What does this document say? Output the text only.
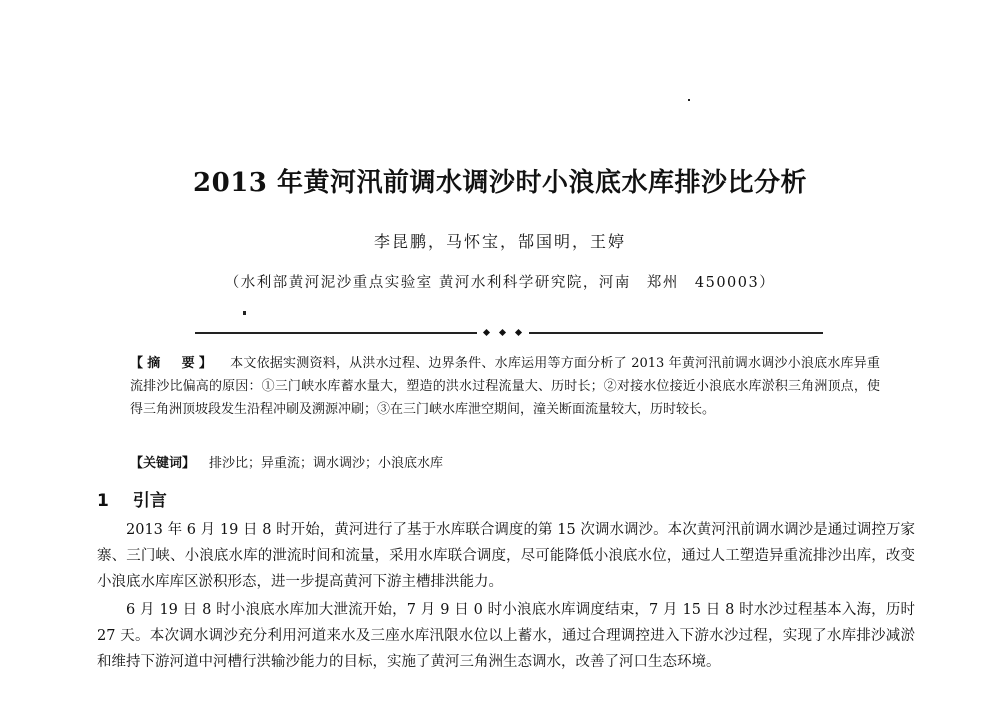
2013 年黄河汛前调水调沙时小浪底水库排沙比分析
李昆鹏，马怀宝，郜国明，王婷
（水利部黄河泥沙重点实验室 黄河水利科学研究院，河南　郑州　450003）
【摘　要】 本文依据实测资料，从洪水过程、边界条件、水库运用等方面分析了 2013 年黄河汛前调水调沙小浪底水库异重流排沙比偏高的原因：①三门峡水库蓄水量大，塑造的洪水过程流量大、历时长；②对接水位接近小浪底水库淤积三角洲顶点，使得三角洲顶坡段发生沿程冲刷及溯源冲刷；③在三门峡水库泄空期间，潼关断面流量较大，历时较长。
【关键词】 排沙比；异重流；调水调沙；小浪底水库
1 引言

2013 年 6 月 19 日 8 时开始，黄河进行了基于水库联合调度的第 15 次调水调沙。本次黄河汛前调水调沙是通过调控万家寨、三门峡、小浪底水库的泄流时间和流量，采用水库联合调度，尽可能降低小浪底水位，通过人工塑造异重流排沙出库，改变小浪底水库库区淤积形态，进一步提高黄河下游主槽排洪能力。

6 月 19 日 8 时小浪底水库加大泄流开始，7 月 9 日 0 时小浪底水库调度结束，7 月 15 日 8 时水沙过程基本入海，历时 27 天。本次调水调沙充分利用河道来水及三座水库汛限水位以上蓄水，通过合理调控进入下游水沙过程，实现了水库排沙减淤和维持下游河道中河槽行洪输沙能力的目标，实施了黄河三角洲生态调水，改善了河口生态环境。
